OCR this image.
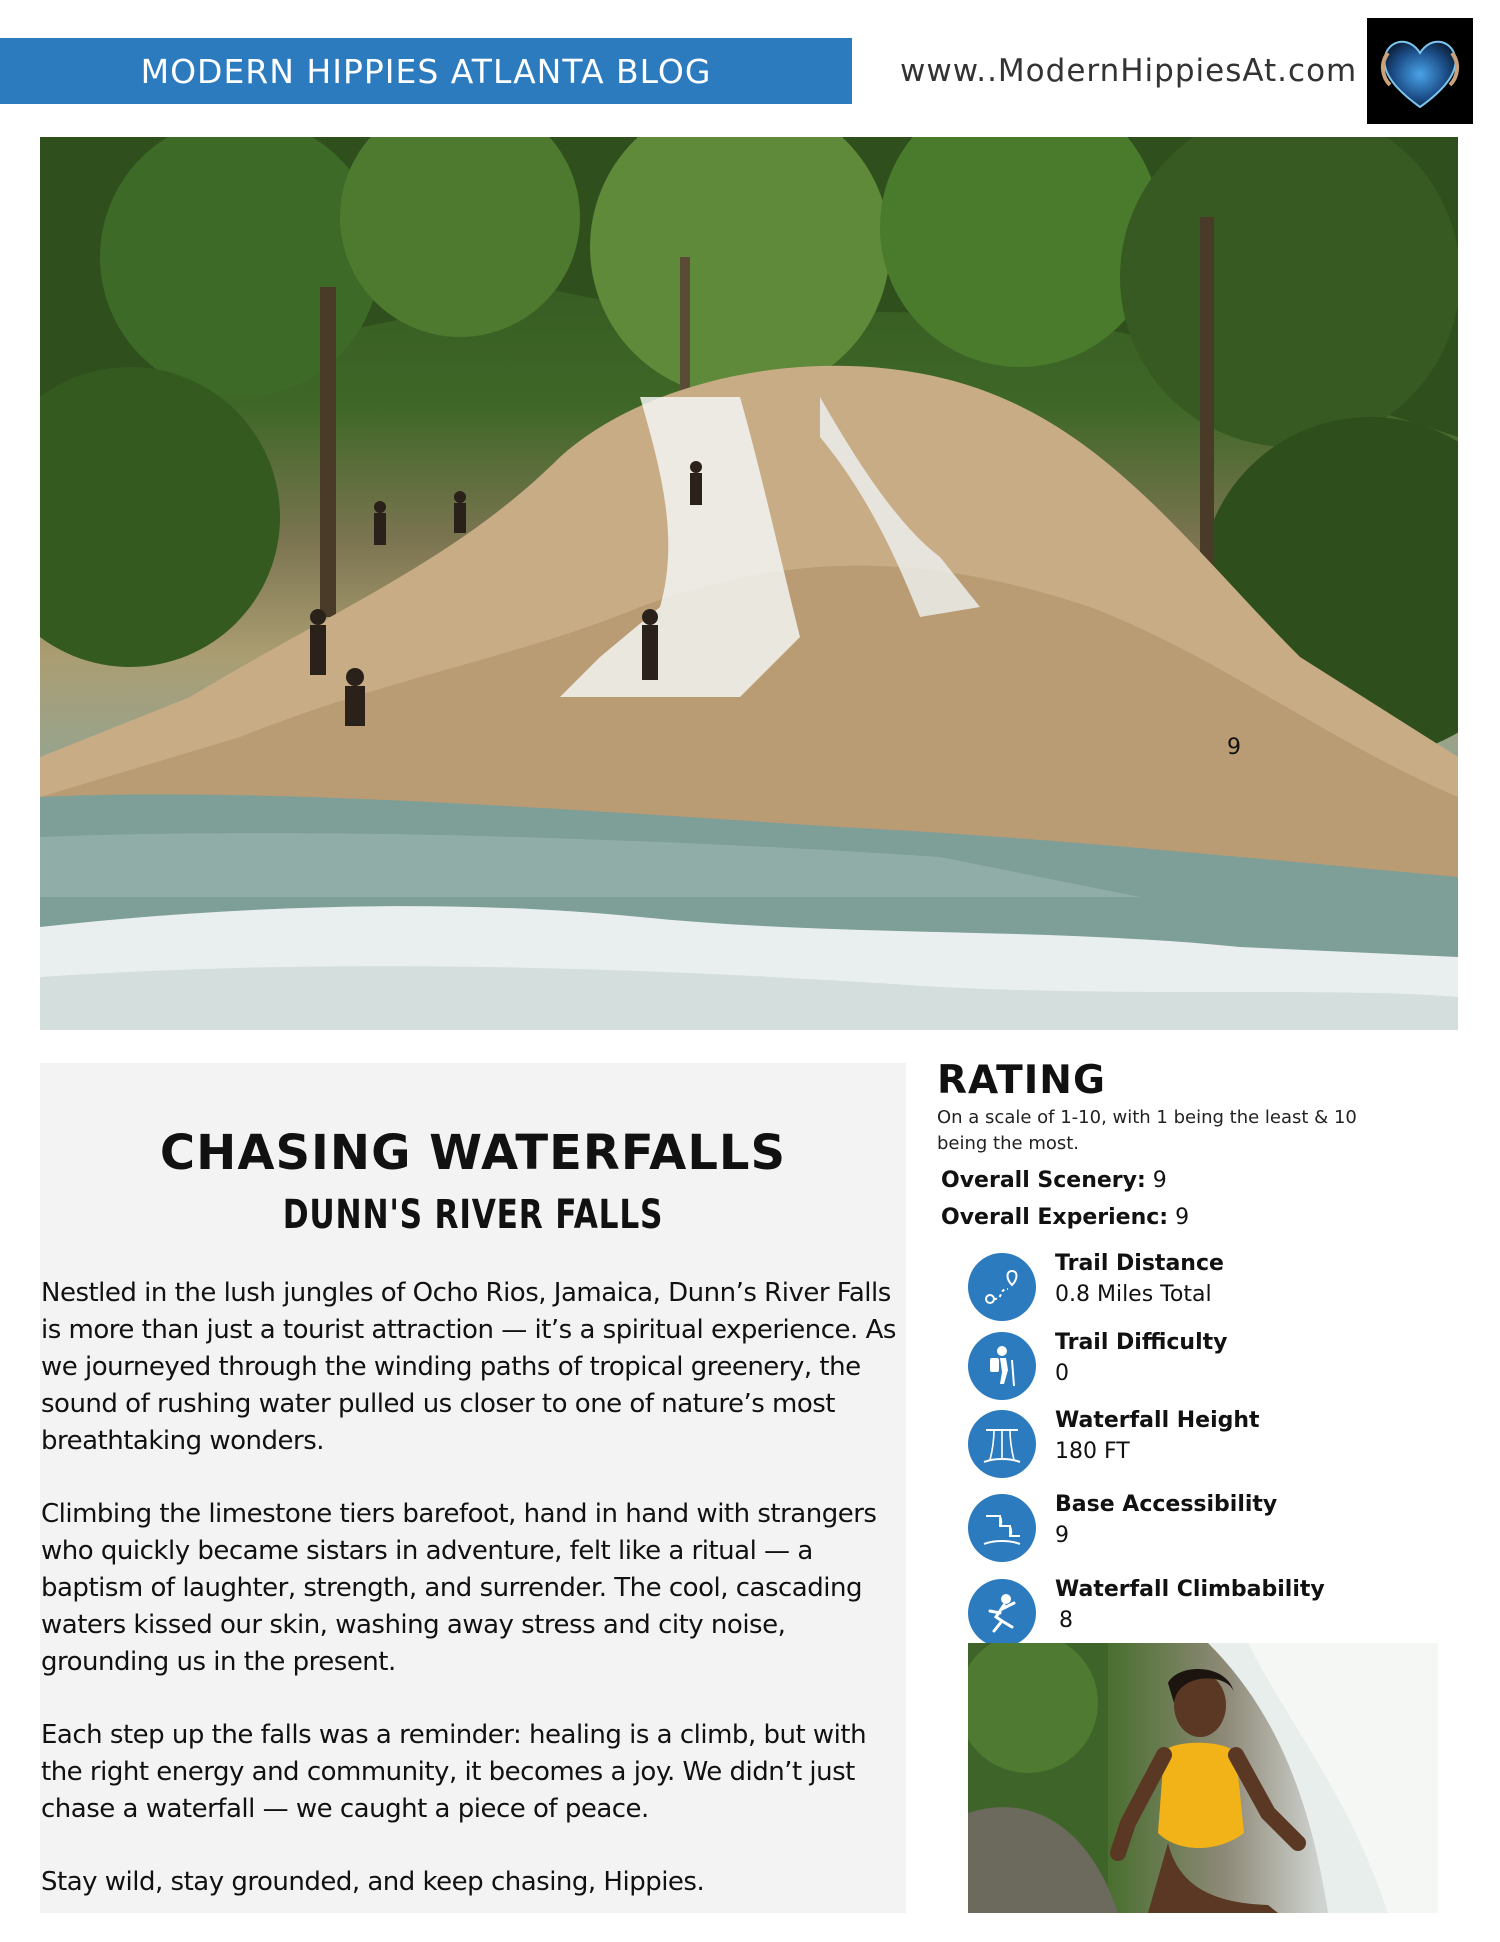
MODERN HIPPIES ATLANTA BLOG	www..ModernHippiesAt.com
9
CHASING WATERFALLS
DUNN'S RIVER FALLS

Nestled in the lush jungles of Ocho Rios, Jamaica, Dunn’s River Falls is more than just a tourist attraction — it’s a spiritual experience. As we journeyed through the winding paths of tropical greenery, the sound of rushing water pulled us closer to one of nature’s most breathtaking wonders.

Climbing the limestone tiers barefoot, hand in hand with strangers who quickly became sistars in adventure, felt like a ritual — a baptism of laughter, strength, and surrender. The cool, cascading waters kissed our skin, washing away stress and city noise, grounding us in the present.

Each step up the falls was a reminder: healing is a climb, but with the right energy and community, it becomes a joy. We didn’t just chase a waterfall — we caught a piece of peace.

Stay wild, stay grounded, and keep chasing, Hippies.

RATING
On a scale of 1-10, with 1 being the least & 10 being the most.
Overall Scenery: 9
Overall Experienc: 9
Trail Distance
0.8 Miles Total
Trail Difficulty
0
Waterfall Height
180 FT
Base Accessibility
9
Waterfall Climbability
8
